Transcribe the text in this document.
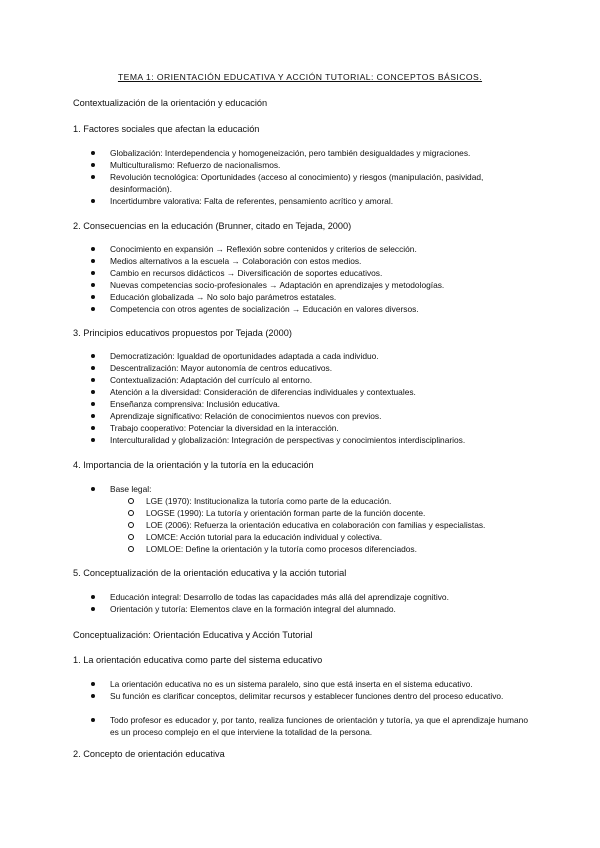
TEMA 1: ORIENTACIÓN EDUCATIVA Y ACCIÓN TUTORIAL: CONCEPTOS BÁSICOS.
Contextualización de la orientación y educación
1. Factores sociales que afectan la educación
Globalización: Interdependencia y homogeneización, pero también desigualdades y migraciones.
Multiculturalismo: Refuerzo de nacionalismos.
Revolución tecnológica: Oportunidades (acceso al conocimiento) y riesgos (manipulación, pasividad, desinformación).
Incertidumbre valorativa: Falta de referentes, pensamiento acrítico y amoral.
2. Consecuencias en la educación (Brunner, citado en Tejada, 2000)
Conocimiento en expansión → Reflexión sobre contenidos y criterios de selección.
Medios alternativos a la escuela → Colaboración con estos medios.
Cambio en recursos didácticos → Diversificación de soportes educativos.
Nuevas competencias socio-profesionales → Adaptación en aprendizajes y metodologías.
Educación globalizada → No solo bajo parámetros estatales.
Competencia con otros agentes de socialización → Educación en valores diversos.
3. Principios educativos propuestos por Tejada (2000)
Democratización: Igualdad de oportunidades adaptada a cada individuo.
Descentralización: Mayor autonomía de centros educativos.
Contextualización: Adaptación del currículo al entorno.
Atención a la diversidad: Consideración de diferencias individuales y contextuales.
Enseñanza comprensiva: Inclusión educativa.
Aprendizaje significativo: Relación de conocimientos nuevos con previos.
Trabajo cooperativo: Potenciar la diversidad en la interacción.
Interculturalidad y globalización: Integración de perspectivas y conocimientos interdisciplinarios.
4. Importancia de la orientación y la tutoría en la educación
Base legal:
LGE (1970): Institucionaliza la tutoría como parte de la educación.
LOGSE (1990): La tutoría y orientación forman parte de la función docente.
LOE (2006): Refuerza la orientación educativa en colaboración con familias y especialistas.
LOMCE: Acción tutorial para la educación individual y colectiva.
LOMLOE: Define la orientación y la tutoría como procesos diferenciados.
5. Conceptualización de la orientación educativa y la acción tutorial
Educación integral: Desarrollo de todas las capacidades más allá del aprendizaje cognitivo.
Orientación y tutoría: Elementos clave en la formación integral del alumnado.
Conceptualización: Orientación Educativa y Acción Tutorial
1. La orientación educativa como parte del sistema educativo
La orientación educativa no es un sistema paralelo, sino que está inserta en el sistema educativo.
Su función es clarificar conceptos, delimitar recursos y establecer funciones dentro del proceso educativo.
Todo profesor es educador y, por tanto, realiza funciones de orientación y tutoría, ya que el aprendizaje humano es un proceso complejo en el que interviene la totalidad de la persona.
2. Concepto de orientación educativa
